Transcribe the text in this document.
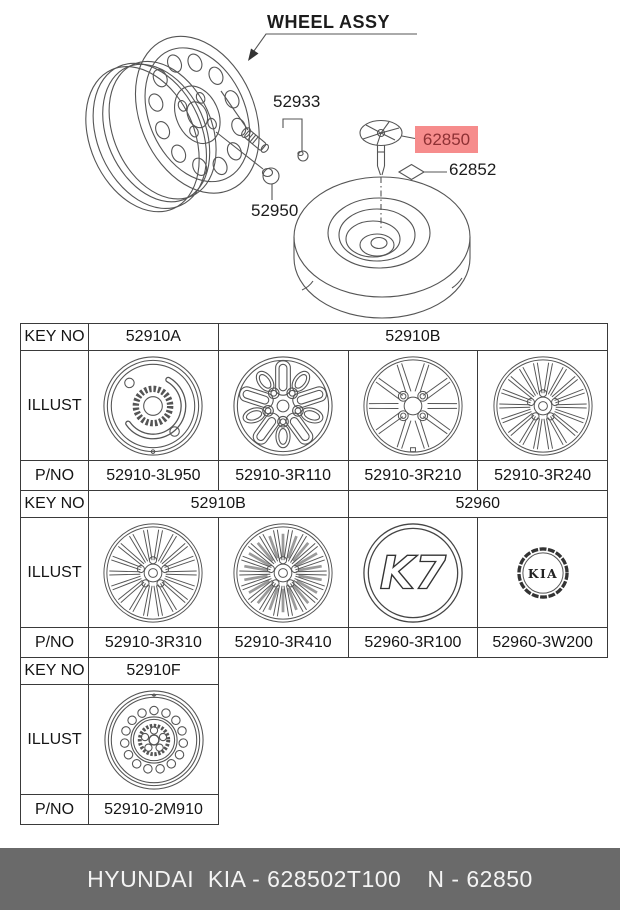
WHEEL ASSY
52933
52950
62850
62852
KEY NO	52910A	52910B		
ILLUST	

P/NO	52910-3L950	52910-3R110	52910-3R210	52910-3R240
KEY NO	52910B		52960	
ILLUST	

P/NO	52910-3R310	52910-3R410	52960-3R100	52960-3W200
KEY NO	52910F
ILLUST	

P/NO	52910-2M910
HYUNDAI  KIA - 628502T100 N - 62850
